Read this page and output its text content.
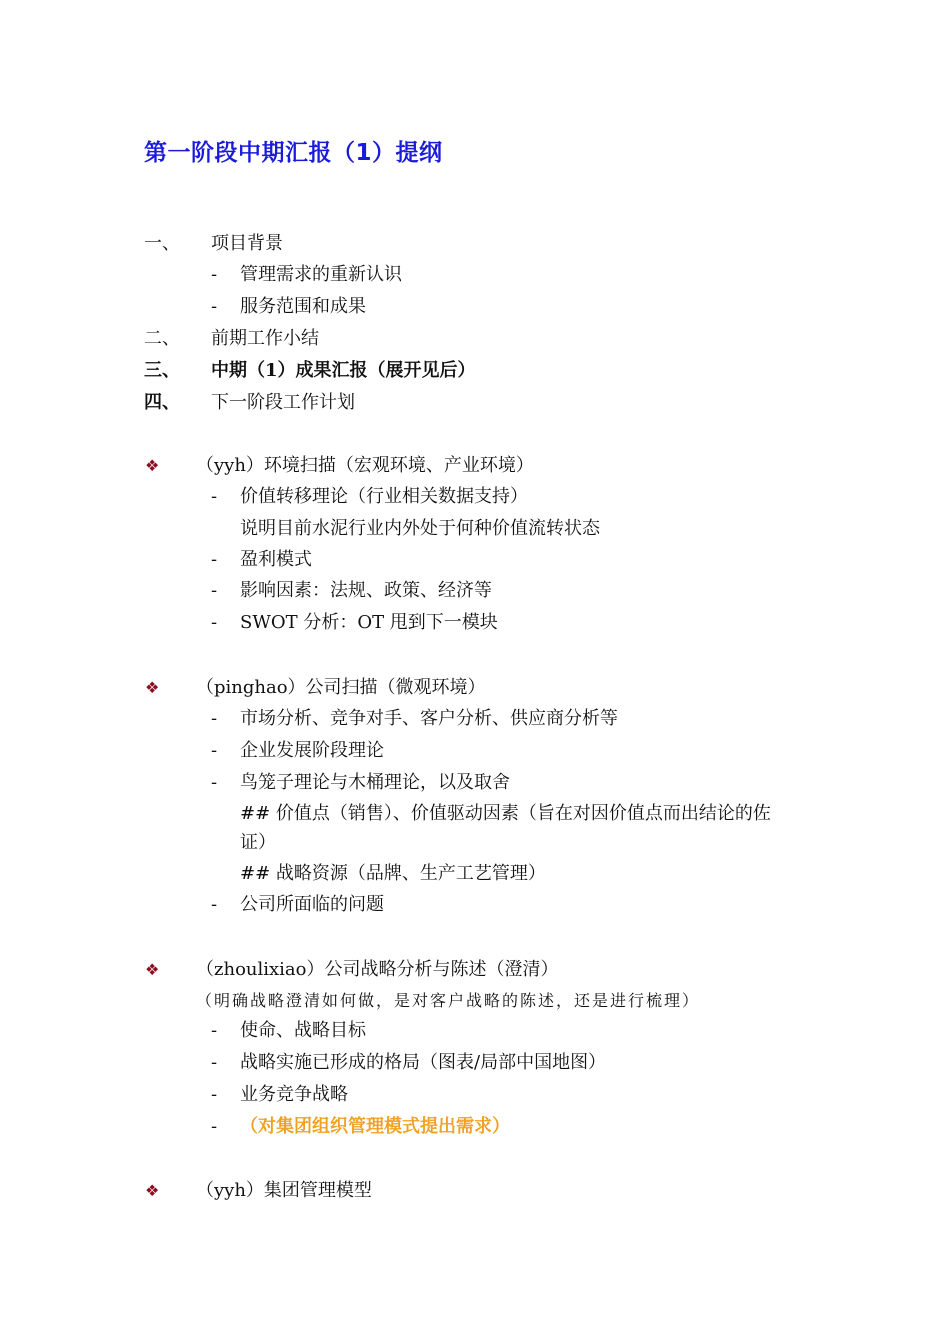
第一阶段中期汇报（1）提纲
一、 项目背景
- 管理需求的重新认识
- 服务范围和成果
二、 前期工作小结
三、 中期（1）成果汇报（展开见后）
四、 下一阶段工作计划
❖ （yyh）环境扫描（宏观环境、产业环境）
- 价值转移理论（行业相关数据支持）
说明目前水泥行业内外处于何种价值流转状态
- 盈利模式
- 影响因素：法规、政策、经济等
- SWOT 分析：OT 甩到下一模块
❖ （pinghao）公司扫描（微观环境）
- 市场分析、竞争对手、客户分析、供应商分析等
- 企业发展阶段理论
- 鸟笼子理论与木桶理论，以及取舍
## 价值点（销售）、价值驱动因素（旨在对因价值点而出结论的佐
证）
## 战略资源（品牌、生产工艺管理）
- 公司所面临的问题
❖ （zhoulixiao）公司战略分析与陈述（澄清）
（明确战略澄清如何做，是对客户战略的陈述，还是进行梳理）
- 使命、战略目标
- 战略实施已形成的格局（图表/局部中国地图）
- 业务竞争战略
- （对集团组织管理模式提出需求）
❖ （yyh）集团管理模型
